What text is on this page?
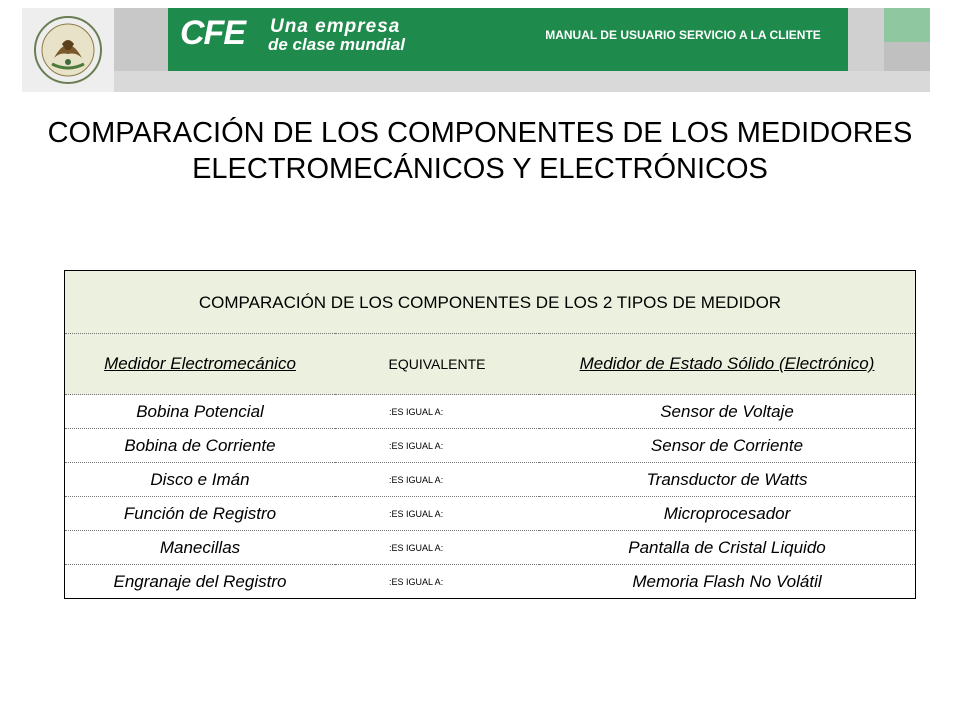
CFE Una empresa
de clase mundial	MANUAL DE USUARIO SERVICIO A LA CLIENTE
COMPARACIÓN DE LOS COMPONENTES DE LOS MEDIDORES ELECTROMECÁNICOS Y ELECTRÓNICOS
COMPARACIÓN DE LOS COMPONENTES DE LOS 2 TIPOS DE MEDIDOR		
Medidor Electromecánico	EQUIVALENTE	Medidor de Estado Sólido (Electrónico)
Bobina Potencial	:ES IGUAL A:	Sensor de Voltaje
Bobina de Corriente	:ES IGUAL A:	Sensor de Corriente
Disco e Imán	:ES IGUAL A:	Transductor de Watts
Función de Registro	:ES IGUAL A:	Microprocesador
Manecillas	:ES IGUAL A:	Pantalla de Cristal Liquido
Engranaje del Registro	:ES IGUAL A:	Memoria Flash No Volátil
